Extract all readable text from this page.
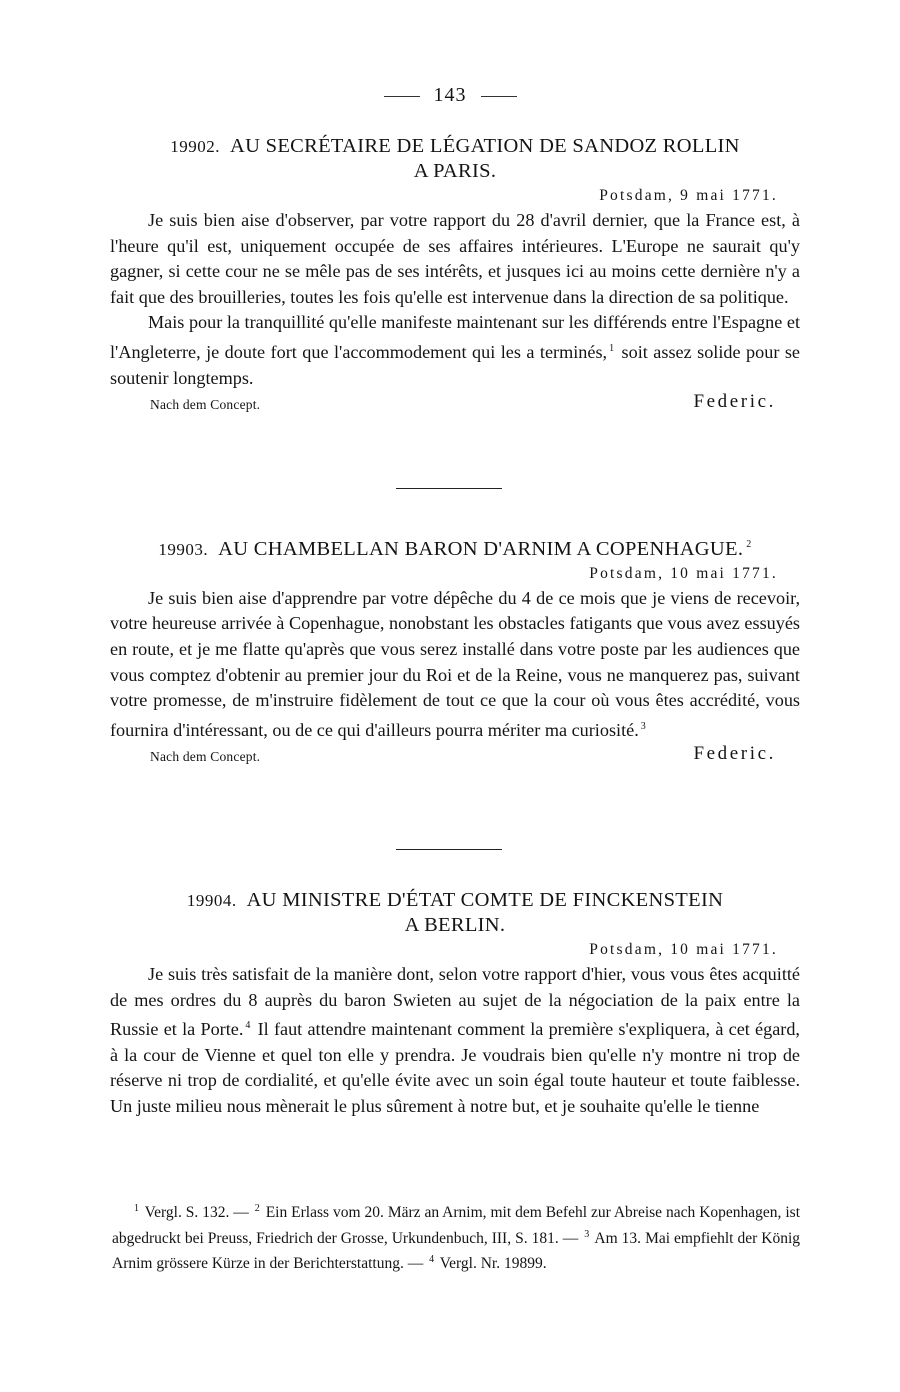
143
19902. AU SECRÉTAIRE DE LÉGATION DE SANDOZ ROLLIN
A PARIS.
Potsdam, 9 mai 1771.

Je suis bien aise d'observer, par votre rapport du 28 d'avril dernier, que la France est, à l'heure qu'il est, uniquement occupée de ses affaires intérieures. L'Europe ne saurait qu'y gagner, si cette cour ne se mêle pas de ses intérêts, et jusques ici au moins cette dernière n'y a fait que des brouilleries, toutes les fois qu'elle est intervenue dans la direction de sa politique.

Mais pour la tranquillité qu'elle manifeste maintenant sur les différends entre l'Espagne et l'Angleterre, je doute fort que l'accommodement qui les a terminés, $^1$ soit assez solide pour se soutenir longtemps.

Nach dem Concept.	Federic.
19903. AU CHAMBELLAN BARON D'ARNIM A COPENHAGUE. $^2$
Potsdam, 10 mai 1771.

Je suis bien aise d'apprendre par votre dépêche du 4 de ce mois que je viens de recevoir, votre heureuse arrivée à Copenhague, nonobstant les obstacles fatigants que vous avez essuyés en route, et je me flatte qu'après que vous serez installé dans votre poste par les audiences que vous comptez d'obtenir au premier jour du Roi et de la Reine, vous ne manquerez pas, suivant votre promesse, de m'instruire fidèlement de tout ce que la cour où vous êtes accrédité, vous fournira d'intéressant, ou de ce qui d'ailleurs pourra mériter ma curiosité. $^3$

Nach dem Concept.	Federic.
19904. AU MINISTRE D'ÉTAT COMTE DE FINCKENSTEIN
A BERLIN.
Potsdam, 10 mai 1771.

Je suis très satisfait de la manière dont, selon votre rapport d'hier, vous vous êtes acquitté de mes ordres du 8 auprès du baron Swieten au sujet de la négociation de la paix entre la Russie et la Porte. $^4$ Il faut attendre maintenant comment la première s'expliquera, à cet égard, à la cour de Vienne et quel ton elle y prendra. Je voudrais bien qu'elle n'y montre ni trop de réserve ni trop de cordialité, et qu'elle évite avec un soin égal toute hauteur et toute faiblesse. Un juste milieu nous mènerait le plus sûrement à notre but, et je souhaite qu'elle le tienne

$^1$ Vergl. S. 132. — $^2$ Ein Erlass vom 20. März an Arnim, mit dem Befehl zur Abreise nach Kopenhagen, ist abgedruckt bei Preuss, Friedrich der Grosse, Urkundenbuch, III, S. 181. — $^3$ Am 13. Mai empfiehlt der König Arnim grössere Kürze in der Berichterstattung. — $^4$ Vergl. Nr. 19899.
